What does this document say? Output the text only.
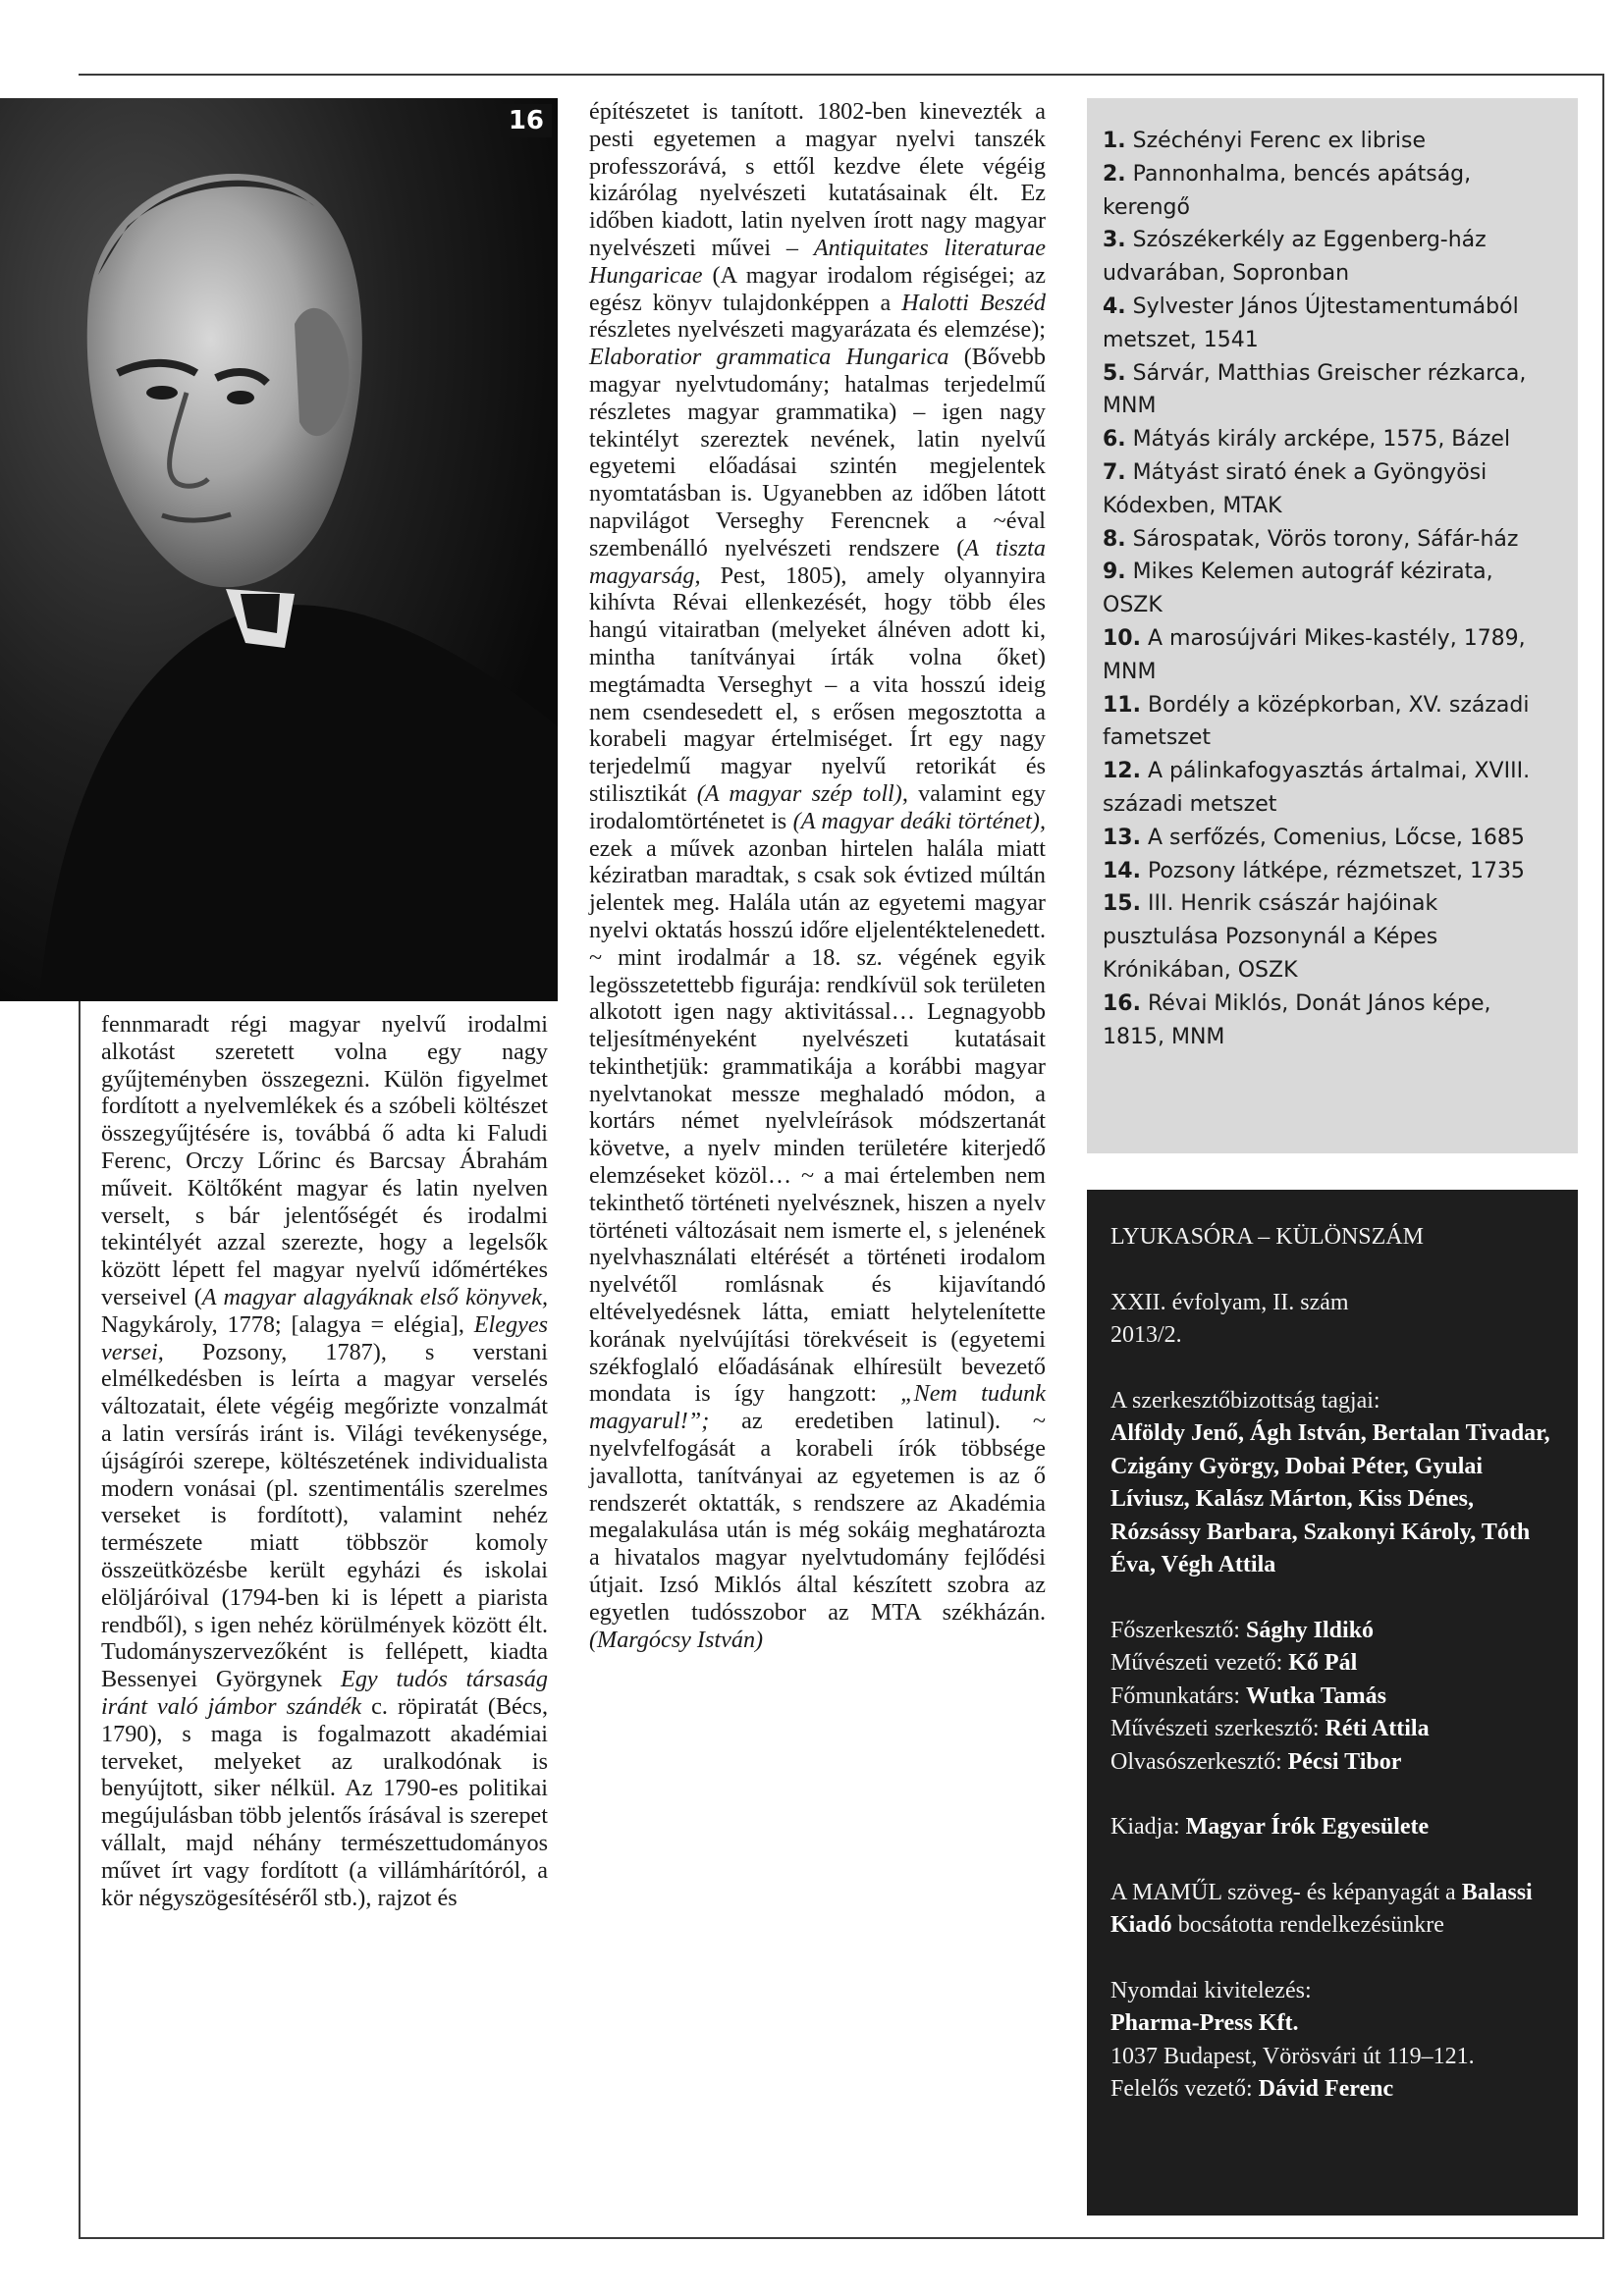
16

fennmaradt régi magyar nyelvű irodalmi alkotást szeretett volna egy nagy gyűjteményben összegezni. Külön figyelmet fordított a nyelvemlékek és a szóbeli költészet összegyűjtésére is, továbbá ő adta ki Faludi Ferenc, Orczy Lőrinc és Barcsay Ábrahám műveit. Költőként magyar és latin nyelven verselt, s bár jelentőségét és irodalmi tekintélyét azzal szerezte, hogy a legelsők között lépett fel magyar nyelvű időmértékes verseivel (A magyar alagyáknak első könyvek, Nagykároly, 1778; [alagya = elégia], Elegyes versei, Pozsony, 1787), s verstani elmélkedésben is leírta a magyar verselés változatait, élete végéig megőrizte vonzalmát a latin versírás iránt is. Világi tevékenysége, újságírói szerepe, költészetének individualista modern vonásai (pl. szentimentális szerelmes verseket is fordított), valamint nehéz természete miatt többször komoly összeütközésbe került egyházi és iskolai elöljáróival (1794-ben ki is lépett a piarista rendből), s igen nehéz körülmények között élt. Tudományszervezőként is fellépett, kiadta Bessenyei Györgynek Egy tudós társaság iránt való jámbor szándék c. röpiratát (Bécs, 1790), s maga is fogalmazott akadémiai terveket, melyeket az uralkodónak is benyújtott, siker nélkül. Az 1790-es politikai megújulásban több jelentős írásával is szerepet vállalt, majd néhány természettudományos művet írt vagy fordított (a villámhárítóról, a kör négyszögesítéséről stb.), rajzot és

építészetet is tanított. 1802-ben kinevezték a pesti egyetemen a magyar nyelvi tanszék professzorává, s ettől kezdve élete végéig kizárólag nyelvészeti kutatásainak élt. Ez időben kiadott, latin nyelven írott nagy magyar nyelvészeti művei – Antiquitates literaturae Hungaricae (A magyar irodalom régiségei; az egész könyv tulajdonképpen a Halotti Beszéd részletes nyelvészeti magyarázata és elemzése); Elaboratior grammatica Hungarica (Bővebb magyar nyelvtudomány; hatalmas terjedelmű részletes magyar grammatika) – igen nagy tekintélyt szereztek nevének, latin nyelvű egyetemi előadásai szintén megjelentek nyomtatásban is. Ugyanebben az időben látott napvilágot Verseghy Ferencnek a ~éval szembenálló nyelvészeti rendszere (A tiszta magyarság, Pest, 1805), amely olyannyira kihívta Révai ellenkezését, hogy több éles hangú vitairatban (melyeket álnéven adott ki, mintha tanítványai írták volna őket) megtámadta Verseghyt – a vita hosszú ideig nem csendesedett el, s erősen megosztotta a korabeli magyar értelmiséget. Írt egy nagy terjedelmű magyar nyelvű retorikát és stilisztikát (A magyar szép toll), valamint egy irodalomtörténetet is (A magyar deáki történet), ezek a művek azonban hirtelen halála miatt kéziratban maradtak, s csak sok évtized múltán jelentek meg. Halála után az egyetemi magyar nyelvi oktatás hosszú időre eljelentéktelenedett. ~ mint irodalmár a 18. sz. végének egyik legösszetettebb figurája: rendkívül sok területen alkotott igen nagy aktivitással… Legnagyobb teljesítményeként nyelvészeti kutatásait tekinthetjük: grammatikája a korábbi magyar nyelvtanokat messze meghaladó módon, a kortárs német nyelvleírások módszertanát követve, a nyelv minden területére kiterjedő elemzéseket közöl… ~ a mai értelemben nem tekinthető történeti nyelvésznek, hiszen a nyelv történeti változásait nem ismerte el, s jelenének nyelvhasználati eltérését a történeti irodalom nyelvétől romlásnak és kijavítandó eltévelyedésnek látta, emiatt helytelenítette korának nyelvújítási törekvéseit is (egyetemi székfoglaló előadásának elhíresült bevezető mondata is így hangzott: „Nem tudunk magyarul!”; az eredetiben latinul). ~ nyelvfelfogását a korabeli írók többsége javallotta, tanítványai az egyetemen is az ő rendszerét oktatták, s rendszere az Akadémia megalakulása után is még sokáig meghatározta a hivatalos magyar nyelvtudomány fejlődési útjait. Izsó Miklós által készített szobra az egyetlen tudósszobor az MTA székházán. (Margócsy István)

1. Széchényi Ferenc ex librise

2. Pannonhalma, bencés apátság, kerengő

3. Szószékerkély az Eggenberg-ház udvarában, Sopronban

4. Sylvester János Újtestamentumából metszet, 1541

5. Sárvár, Matthias Greischer rézkarca, MNM

6. Mátyás király arcképe, 1575, Bázel

7. Mátyást sirató ének a Gyöngyösi Kódexben, MTAK

8. Sárospatak, Vörös torony, Sáfár-ház

9. Mikes Kelemen autográf kézirata, OSZK

10. A marosújvári Mikes-kastély, 1789, MNM

11. Bordély a középkorban, XV. századi fametszet

12. A pálinkafogyasztás ártalmai, XVIII. századi metszet

13. A serfőzés, Comenius, Lőcse, 1685

14. Pozsony látképe, rézmetszet, 1735

15. III. Henrik császár hajóinak pusztulása Pozsonynál a Képes Krónikában, OSZK

16. Révai Miklós, Donát János képe, 1815, MNM

LYUKASÓRA – KÜLÖNSZÁM

XXII. évfolyam, II. szám
2013/2.

A szerkesztőbizottság tagjai:
Alföldy Jenő, Ágh István, Bertalan Tivadar, Czigány György, Dobai Péter, Gyulai Líviusz, Kalász Márton, Kiss Dénes, Rózsássy Barbara, Szakonyi Károly, Tóth Éva, Végh Attila

Főszerkesztő: Sághy Ildikó
Művészeti vezető: Kő Pál
Főmunkatárs: Wutka Tamás
Művészeti szerkesztő: Réti Attila
Olvasószerkesztő: Pécsi Tibor

Kiadja: Magyar Írók Egyesülete

A MAMŰL szöveg- és képanyagát a Balassi Kiadó bocsátotta rendelkezésünkre

Nyomdai kivitelezés:
Pharma-Press Kft.
1037 Budapest, Vörösvári út 119–121.
Felelős vezető: Dávid Ferenc
